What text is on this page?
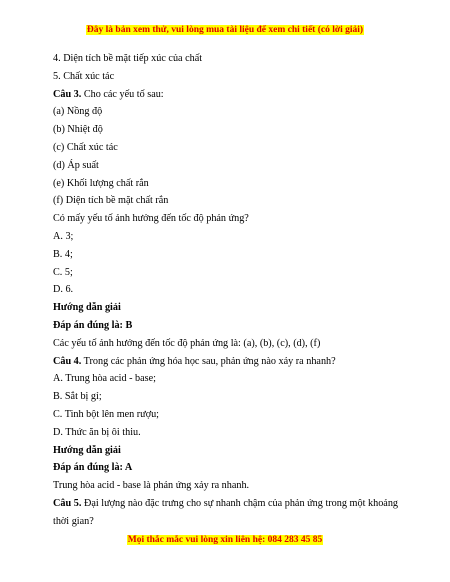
Đây là bản xem thử, vui lòng mua tài liệu để xem chi tiết (có lời giải)
4. Diện tích bề mặt tiếp xúc của chất
5. Chất xúc tác
Câu 3. Cho các yếu tố sau:
(a) Nồng độ
(b) Nhiệt độ
(c) Chất xúc tác
(d) Áp suất
(e) Khối lượng chất rắn
(f) Diện tích bề mặt chất rắn
Có mấy yếu tố ảnh hưởng đến tốc độ phản ứng?
A. 3;
B. 4;
C. 5;
D. 6.
Hướng dẫn giải
Đáp án đúng là: B
Các yếu tố ảnh hưởng đến tốc độ phản ứng là: (a), (b), (c), (d), (f)
Câu 4. Trong các phản ứng hóa học sau, phản ứng nào xảy ra nhanh?
A. Trung hòa acid - base;
B. Sắt bị gỉ;
C. Tinh bột lên men rượu;
D. Thức ăn bị ôi thiu.
Hướng dẫn giải
Đáp án đúng là: A
Trung hòa acid - base là phản ứng xảy ra nhanh.
Câu 5. Đại lượng nào đặc trưng cho sự nhanh chậm của phản ứng trong một khoảng thời gian?
Mọi thắc mắc vui lòng xin liên hệ: 084 283 45 85
